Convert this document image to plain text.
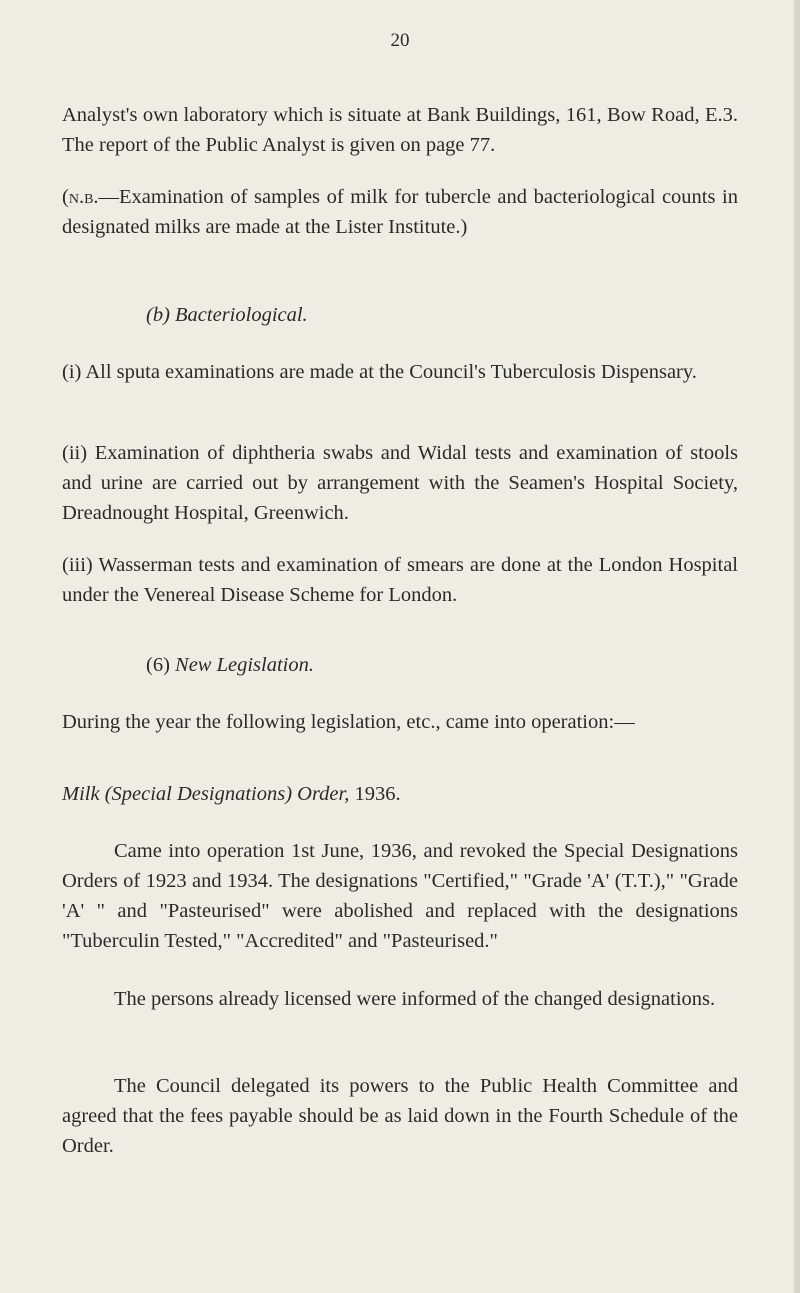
20

Analyst's own laboratory which is situate at Bank Buildings, 161, Bow Road, E.3. The report of the Public Analyst is given on page 77.

(n.b.—Examination of samples of milk for tubercle and bacteriological counts in designated milks are made at the Lister Institute.)

(b) Bacteriological.

(i) All sputa examinations are made at the Council's Tuberculosis Dispensary.

(ii) Examination of diphtheria swabs and Widal tests and examination of stools and urine are carried out by arrangement with the Seamen's Hospital Society, Dreadnought Hospital, Greenwich.

(iii) Wasserman tests and examination of smears are done at the London Hospital under the Venereal Disease Scheme for London.

(6) New Legislation.

During the year the following legislation, etc., came into operation:—

Milk (Special Designations) Order, 1936.

Came into operation 1st June, 1936, and revoked the Special Designations Orders of 1923 and 1934. The designations "Certified," "Grade 'A' (T.T.)," "Grade 'A' " and "Pasteurised" were abolished and replaced with the designations "Tuberculin Tested," "Accredited" and "Pasteurised."

The persons already licensed were informed of the changed designations.

The Council delegated its powers to the Public Health Committee and agreed that the fees payable should be as laid down in the Fourth Schedule of the Order.
